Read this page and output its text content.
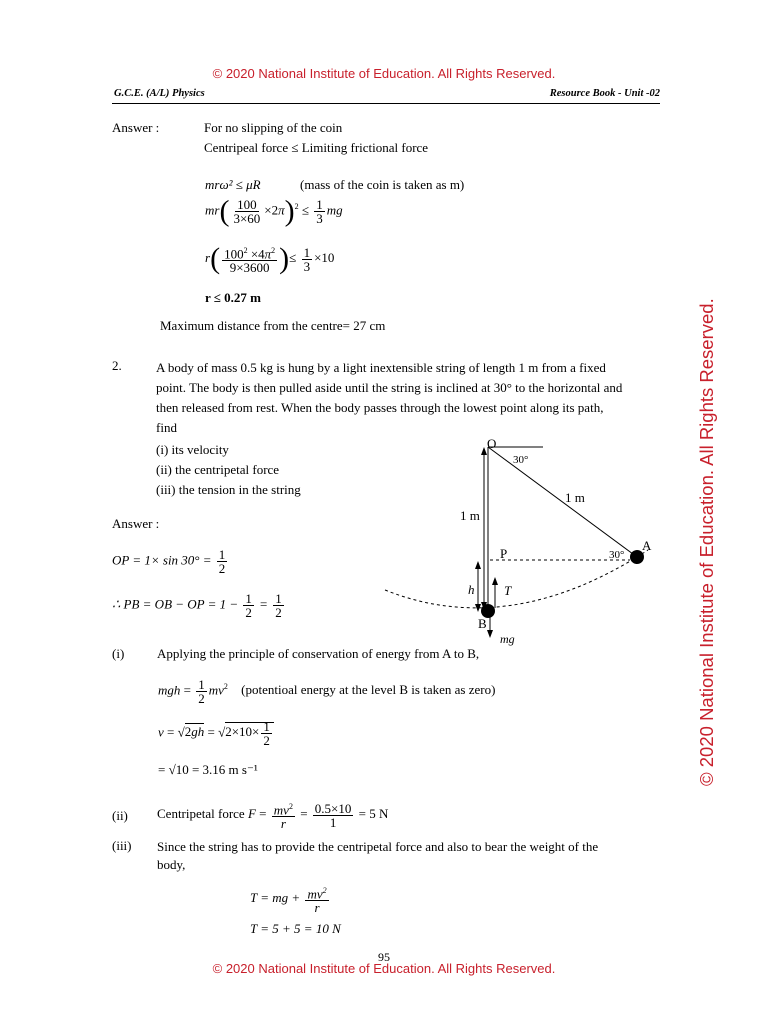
© 2020 National Institute of Education. All Rights Reserved.
G.C.E. (A/L) Physics	Resource Book - Unit -02
Answer :	For no slipping of the coin
Centripeal force ≤ Limiting frictional force
mrω² ≤ μR	(mass of the coin is taken as m)
$mr( \frac{100}{3\times 60} \times 2\pi)^2 \le \frac{1}{3}$ mg
$r( \frac{100^2 \times 4\pi^2}{9\times 3600}$ )≤ $\frac{1}{3} \times 10$
r ≤ 0.27 m
Maximum distance from the centre= 27 cm
2.	A body of mass 0.5 kg is hung by a light inextensible string of length 1 m from a fixed
point. The body is then pulled aside until the string is inclined at 30° to the horizontal and
then released from rest. When the body passes through the lowest point along its path,
find
(i) its velocity
(ii) the centripetal force
(iii) the tension in the string
Answer :
OP = $1\times \sin 30^\circ = \frac{1}{2}$
∴ PB = OB − OP = $1 - \frac{1}{2} = \frac{1}{2}$
O
30°
1 m
1 m
P	30°
A
h T
B
mg
(i)	Applying the principle of conservation of energy from A to B,
mgh = $\frac{1}{2} mv^2$ (potentioal energy at the level B is taken as zero)
$v = √2gh = √2\times 10\times \frac{1}{2}$
= √10 = 3.16 m s⁻¹
(ii) Centripetal force $F = \frac{mv^2}{r} = \frac{0.5\times 10}{1} = 5$ N
(iii) Since the string has to provide the centripetal force and also to bear the weight of the
body,
T = mg + $\frac{mv^2}{r}$
T = 5 + 5 = 10 N
95
© 2020 National Institute of Education. All Rights Reserved.
© 2020 National Institute of Education. All Rights Reserved.
